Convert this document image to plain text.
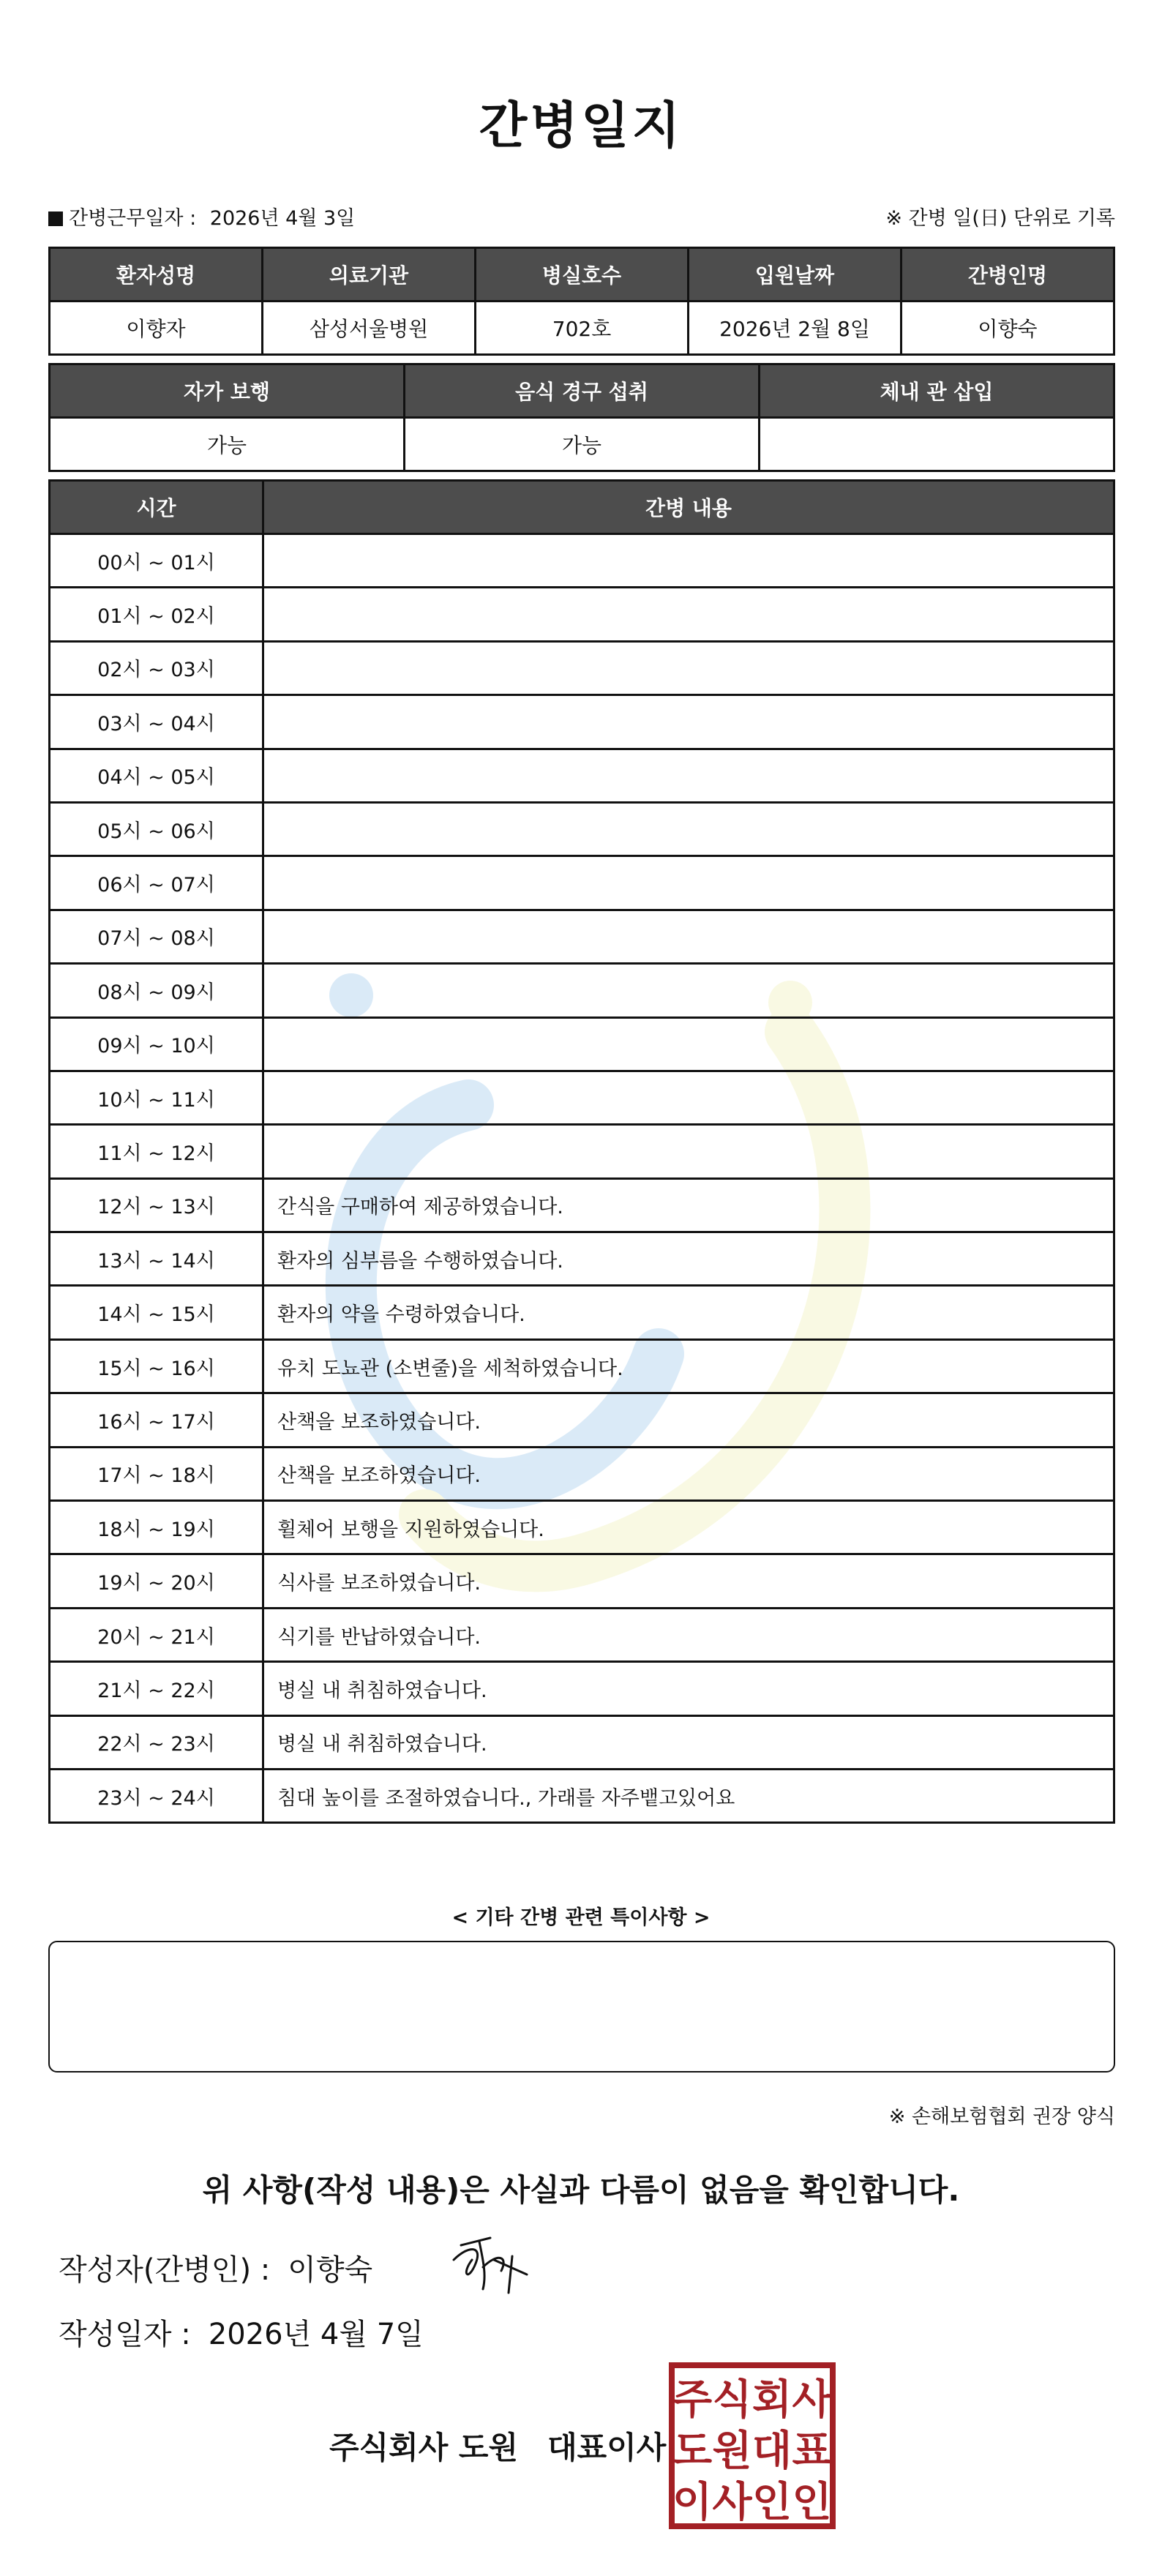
간병일지
간병근무일자 : 2026년 4월 3일	※ 간병 일(日) 단위로 기록
환자성명	의료기관	병실호수	입원날짜	간병인명
이향자	삼성서울병원	702호	2026년 2월 8일	이향숙
자가 보행	음식 경구 섭취	체내 관 삽입
가능	가능	
시간	간병 내용
00시 ~ 01시	
01시 ~ 02시	
02시 ~ 03시	
03시 ~ 04시	
04시 ~ 05시	
05시 ~ 06시	
06시 ~ 07시	
07시 ~ 08시	
08시 ~ 09시	
09시 ~ 10시	
10시 ~ 11시	
11시 ~ 12시	
12시 ~ 13시	간식을 구매하여 제공하였습니다.
13시 ~ 14시	환자의 심부름을 수행하였습니다.
14시 ~ 15시	환자의 약을 수령하였습니다.
15시 ~ 16시	유치 도뇨관 (소변줄)을 세척하였습니다.
16시 ~ 17시	산책을 보조하였습니다.
17시 ~ 18시	산책을 보조하였습니다.
18시 ~ 19시	휠체어 보행을 지원하였습니다.
19시 ~ 20시	식사를 보조하였습니다.
20시 ~ 21시	식기를 반납하였습니다.
21시 ~ 22시	병실 내 취침하였습니다.
22시 ~ 23시	병실 내 취침하였습니다.
23시 ~ 24시	침대 높이를 조절하였습니다., 가래를 자주뱉고있어요
< 기타 간병 관련 특이사항 >
※ 손해보험협회 권장 양식
위 사항(작성 내용)은 사실과 다름이 없음을 확인합니다.
작성자(간병인) : 이향숙
작성일자 : 2026년 4월 7일
주식회사 도원 대표이사
주 식 회 사
도 원 대 표
이 사 인 인
